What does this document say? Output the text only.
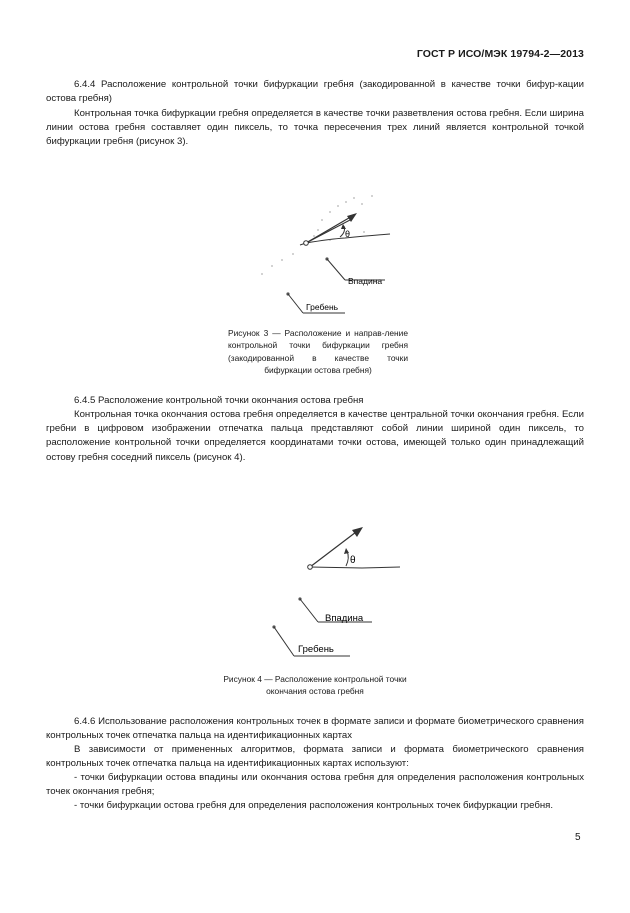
ГОСТ Р ИСО/МЭК 19794-2—2013

6.4.4 Расположение контрольной точки бифуркации гребня (закодированной в качестве точки бифур-кации остова гребня)

Контрольная точка бифуркации гребня определяется в качестве точки разветвления остова гребня. Если ширина линии остова гребня составляет один пиксель, то точка пересечения трех линий является контрольной точкой бифуркации гребня (рисунок 3).

θ
Впадина
Гребень

Рисунок 3 — Расположение и направ-ление контрольной точки бифуркации гребня (закодированной в качестве точки бифуркации остова гребня)

6.4.5 Расположение контрольной точки окончания остова гребня

Контрольная точка окончания остова гребня определяется в качестве центральной точки окончания гребня. Если гребни в цифровом изображении отпечатка пальца представляют собой линии шириной один пиксель, то расположение контрольной точки определяется координатами точки остова, имеющей только один принадлежащий остову гребня соседний пиксель (рисунок 4).

θ
Впадина
Гребень

Рисунок 4 — Расположение контрольной точки
окончания остова гребня

6.4.6 Использование расположения контрольных точек в формате записи и формате биометрического сравнения контрольных точек отпечатка пальца на идентификационных картах

В зависимости от примененных алгоритмов, формата записи и формата биометрического сравнения контрольных точек отпечатка пальца на идентификационных картах используют:

- точки бифуркации остова впадины или окончания остова гребня для определения расположения контрольных точек окончания гребня;

- точки бифуркации остова гребня для определения расположения контрольных точек бифуркации гребня.

5
